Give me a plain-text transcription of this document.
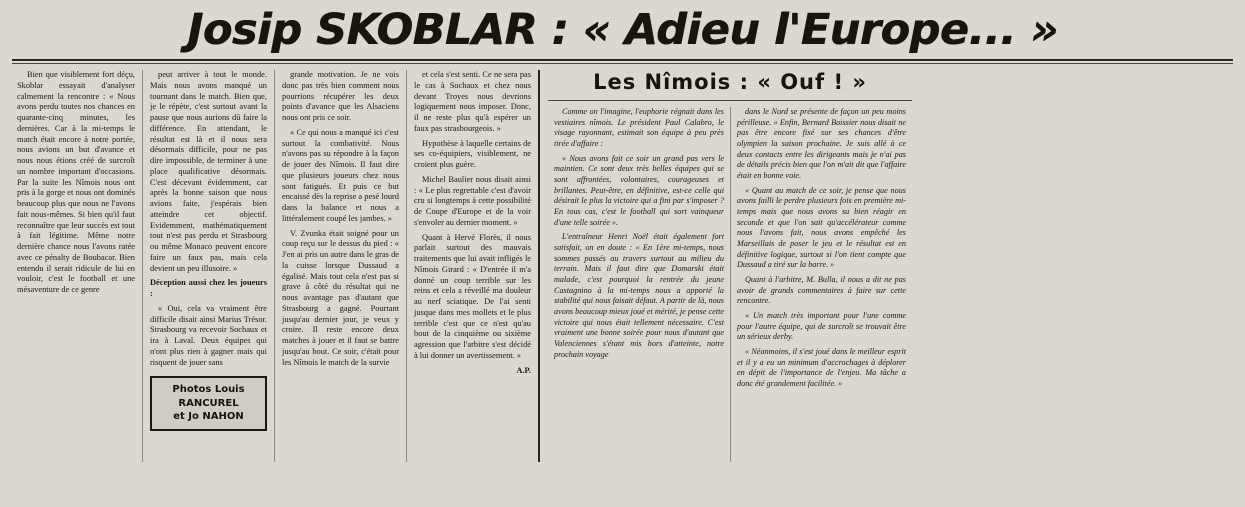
Josip SKOBLAR : « Adieu l'Europe... »

Bien que visiblement fort déçu, Skoblar essayait d'analyser calmement la rencontre : « Nous avons perdu toutes nos chances en quarante-cinq minutes, les dernières. Car à la mi-temps le match était encore à notre portée, nous avions un but d'avance et nous nous étions créé de surcroît un nombre important d'occasions. Par la suite les Nîmois nous ont pris à la gorge et nous ont dominés beaucoup plus que nous ne l'avons fait nous-mêmes. Si bien qu'il faut reconnaître que leur succès est tout à fait légitime. Même notre dernière chance nous l'avons ratée avec ce pénalty de Boubacar. Bien entendu il serait ridicule de lui en vouloir, c'est le football et une mésaventure de ce genre

peut arriver à tout le monde. Mais nous avons manqué un tournant dans le match. Bien que, je le répète, c'est surtout avant la pause que nous aurions dû faire la différence. En attendant, le résultat est là et il nous sera désormais difficile, pour ne pas dire impossible, de terminer à une place qualificative désormais. C'est décevant évidemment, car après la bonne saison que nous avions faite, j'espérais bien atteindre cet objectif. Evidemment, mathématiquement tout n'est pas perdu et Strasbourg ou même Monaco peuvent encore faire un faux pas, mais cela devient un peu illusoire. »

Déception aussi chez les joueurs :

« Oui, cela va vraiment être difficile disait ainsi Marius Trésor. Strasbourg va recevoir Sochaux et ira à Laval. Deux équipes qui n'ont plus rien à gagner mais qui risquent de jouer sans

Photos Louis RANCUREL
et Jo NAHON

grande motivation. Je ne vois donc pas très bien comment nous pourrions récupérer les deux points d'avance que les Alsaciens nous ont pris ce soir.

« Ce qui nous a manqué ici c'est surtout la combativité. Nous n'avons pas su répondre à la façon de jouer des Nîmois. Il faut dire que plusieurs joueurs chez nous sont fatigués. Et puis ce but encaissé dès la reprise a pesé lourd dans la balance et nous a littéralement coupé les jambes. »

V. Zvunka était soigné pour un coup reçu sur le dessus du pied : « J'en ai pris un autre dans le gras de la cuisse lorsque Dussaud a égalisé. Mais tout cela n'est pas si grave à côté du résultat qui ne nous avantage pas d'autant que Strasbourg a gagné. Pourtant jusqu'au dernier jour, je veux y croire. Il reste encore deux matches à jouer et il faut se battre jusqu'au bout. Ce soir, c'était pour les Nîmois le match de la survie

et cela s'est senti. Ce ne sera pas le cas à Sochaux et chez nous devant Troyes nous devrions logiquement nous imposer. Donc, il ne reste plus qu'à espérer un faux pas strasbourgeois. »

Hypothèse à laquelle certains de ses co-équipiers, visiblement, ne croient plus guère.

Michel Baulier nous disait ainsi : « Le plus regrettable c'est d'avoir cru si longtemps à cette possibilité de Coupe d'Europe et de la voir s'envoler au dernier moment. »

Quant à Hervé Florès, il nous parlait surtout des mauvais traitements que lui avait infligés le Nîmois Girard : « D'entrée il m'a donné un coup terrible sur les reins et cela a réveillé ma douleur au nerf sciatique. De l'ai senti jusque dans mes mollets et le plus terrible c'est que ce n'est qu'au bout de la cinquième ou sixième agression que l'arbitre s'est décidé à lui donner un avertissement. »

A.P.

Les Nîmois : « Ouf ! »

Comme on l'imagine, l'euphorie régnait dans les vestiaires nîmois. Le président Paul Calabro, le visage rayonnant, estimait son équipe à peu près tirée d'affaire :

« Nous avons fait ce soir un grand pas vers le maintien. Ce sont deux très belles équipes qui se sont affrontées, volontaires, courageuses et brillantes. Peut-être, en définitive, est-ce celle qui désirait le plus la victoire qui a fini par s'imposer ? En tous cas, c'est le football qui sort vainqueur d'une telle soirée ».

L'entraîneur Henri Noël était également fort satisfait, on en doute : « En 1ère mi-temps, nous sommes passés au travers surtout au milieu du terrain. Mais il faut dire que Domarski était malade, c'est pourquoi la rentrée du jeune Castagnino à la mi-temps nous a apporté la stabilité qui nous faisait défaut. A partir de là, nous avons beaucoup mieux joué et mérité, je pense cette victoire qui nous était tellement nécessaire. C'est vraiment une bonne soirée pour nous d'autant que Valenciennes s'étant mis hors d'atteinte, notre prochain voyage

dans le Nord se présente de façon un peu moins périlleuse. » Enfin, Bernard Boissier nous disait ne pas être encore fixé sur ses chances d'être olympien la saison prochaine. Je suis allé à ce deux contacts entre les dirigeants mais je n'ai pas de détails précis bien que l'on m'ait dit que l'affaire était en bonne voie.

« Quant au match de ce soir, je pense que nous avons failli le perdre plusieurs fois en première mi-temps mais que nous avons su bien réagir en seconde et que l'on sait qu'accélérateur comme nous l'avons fait, nous avons empêché les Marseillais de poser le jeu et le résultat est en définitive logique, surtout si l'on tient compte que Dussaud a tiré sur la barre. »

Quant à l'arbitre, M. Bulla, il nous a dit ne pas avoir de grands commentaires à faire sur cette rencontre.

« Un match très important pour l'une comme pour l'autre équipe, qui de surcroît se trouvait être un sérieux derby.

« Néanmoins, il s'est joué dans le meilleur esprit et il y a eu un minimum d'accrochages à déplorer en dépit de l'importance de l'enjeu. Ma tâche a donc été grandement facilitée. »
